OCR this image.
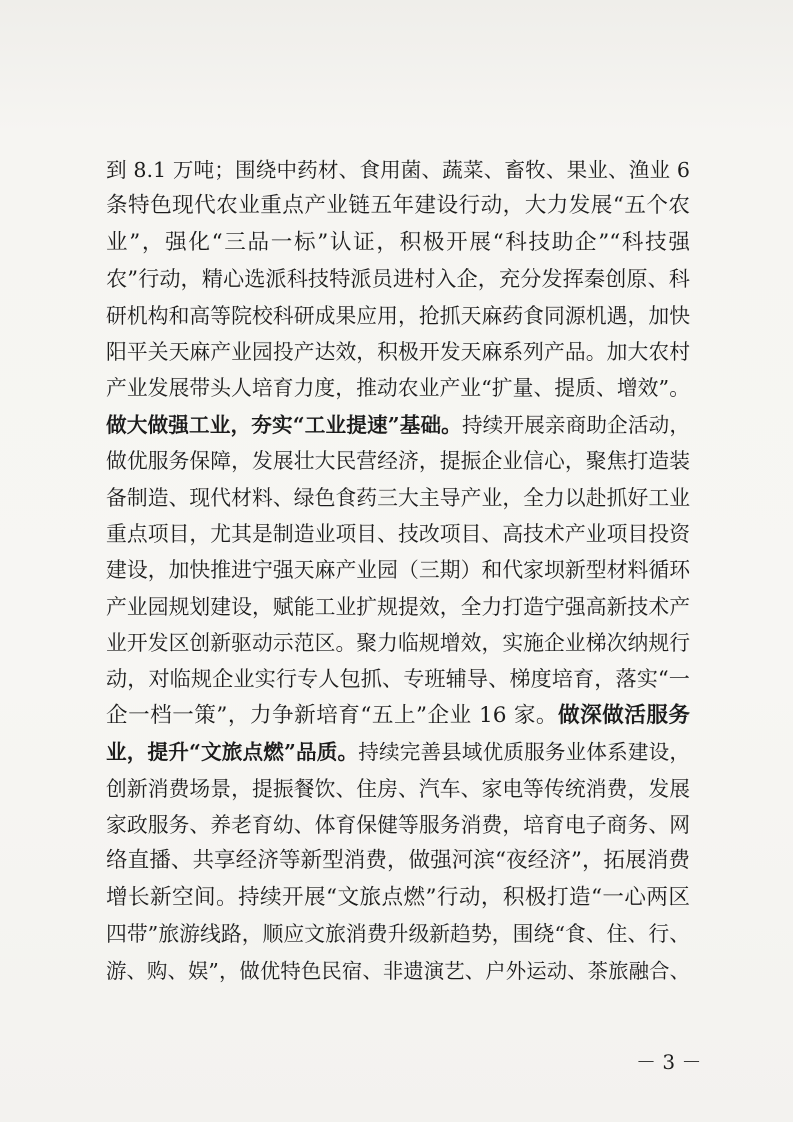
到 8.1 万吨；围绕中药材、食用菌、蔬菜、畜牧、果业、渔业 6
条特色现代农业重点产业链五年建设行动，大力发展“五个农
业”，强化“三品一标”认证，积极开展“科技助企”“科技强
农”行动，精心选派科技特派员进村入企，充分发挥秦创原、科
研机构和高等院校科研成果应用，抢抓天麻药食同源机遇，加快
阳平关天麻产业园投产达效，积极开发天麻系列产品。加大农村
产业发展带头人培育力度，推动农业产业“扩量、提质、增效”。
做大做强工业，夯实“工业提速”基础。持续开展亲商助企活动，
做优服务保障，发展壮大民营经济，提振企业信心，聚焦打造装
备制造、现代材料、绿色食药三大主导产业，全力以赴抓好工业
重点项目，尤其是制造业项目、技改项目、高技术产业项目投资
建设，加快推进宁强天麻产业园（三期）和代家坝新型材料循环
产业园规划建设，赋能工业扩规提效，全力打造宁强高新技术产
业开发区创新驱动示范区。聚力临规增效，实施企业梯次纳规行
动，对临规企业实行专人包抓、专班辅导、梯度培育，落实“一
企一档一策”，力争新培育“五上”企业 16 家。做深做活服务
业，提升“文旅点燃”品质。持续完善县域优质服务业体系建设，
创新消费场景，提振餐饮、住房、汽车、家电等传统消费，发展
家政服务、养老育幼、体育保健等服务消费，培育电子商务、网
络直播、共享经济等新型消费，做强河滨“夜经济”，拓展消费
增长新空间。持续开展“文旅点燃”行动，积极打造“一心两区
四带”旅游线路，顺应文旅消费升级新趋势，围绕“食、住、行、
游、购、娱”，做优特色民宿、非遗演艺、户外运动、茶旅融合、
－ 3 －
